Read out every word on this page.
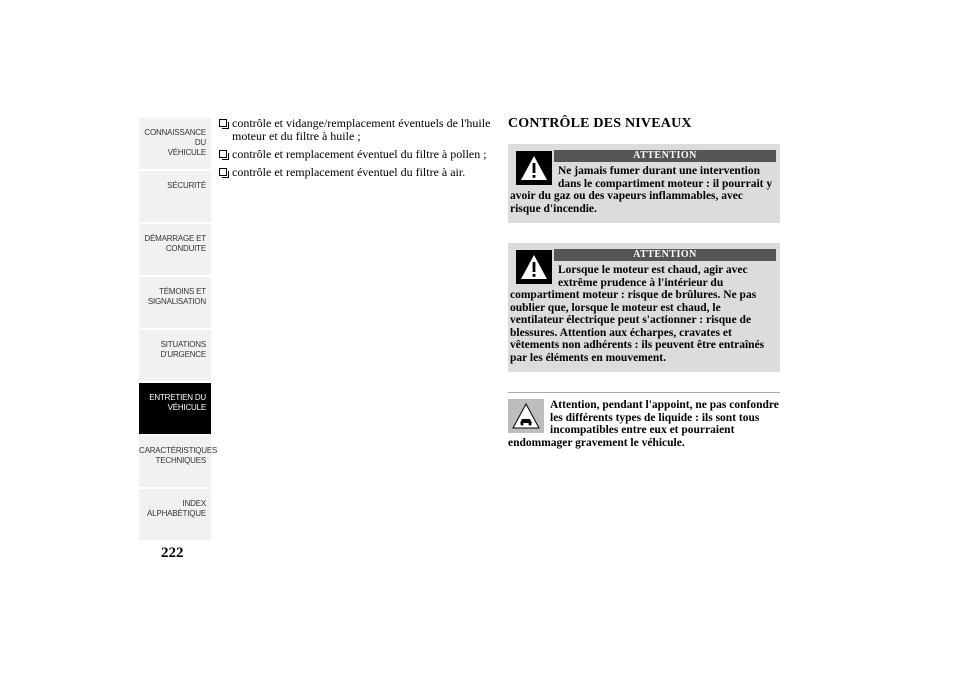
CONNAISSANCE DU
VÉHICULE
SÉCURITÉ
DÉMARRAGE ET
CONDUITE
TÉMOINS ET
SIGNALISATION
SITUATIONS
D'URGENCE
ENTRETIEN DU
VÉHICULE
CARACTÉRISTIQUES
TECHNIQUES
INDEX
ALPHABÉTIQUE
222
contrôle et vidange/remplacement éventuels de l'huile moteur et du filtre à huile ;
contrôle et remplacement éventuel du filtre à pollen ;
contrôle et remplacement éventuel du filtre à air.
CONTRÔLE DES NIVEAUX
ATTENTION
Ne jamais fumer durant une intervention dans le compartiment moteur : il pourrait y avoir du gaz ou des vapeurs inflammables, avec risque d'incendie.
ATTENTION
Lorsque le moteur est chaud, agir avec extrême prudence à l'intérieur du compartiment moteur : risque de brûlures. Ne pas oublier que, lorsque le moteur est chaud, le ventilateur électrique peut s'actionner : risque de blessures. Attention aux écharpes, cravates et vêtements non adhérents : ils peuvent être entraînés par les éléments en mouvement.
Attention, pendant l'appoint, ne pas confondre les différents types de liquide : ils sont tous incompatibles entre eux et pourraient endommager gravement le véhicule.
